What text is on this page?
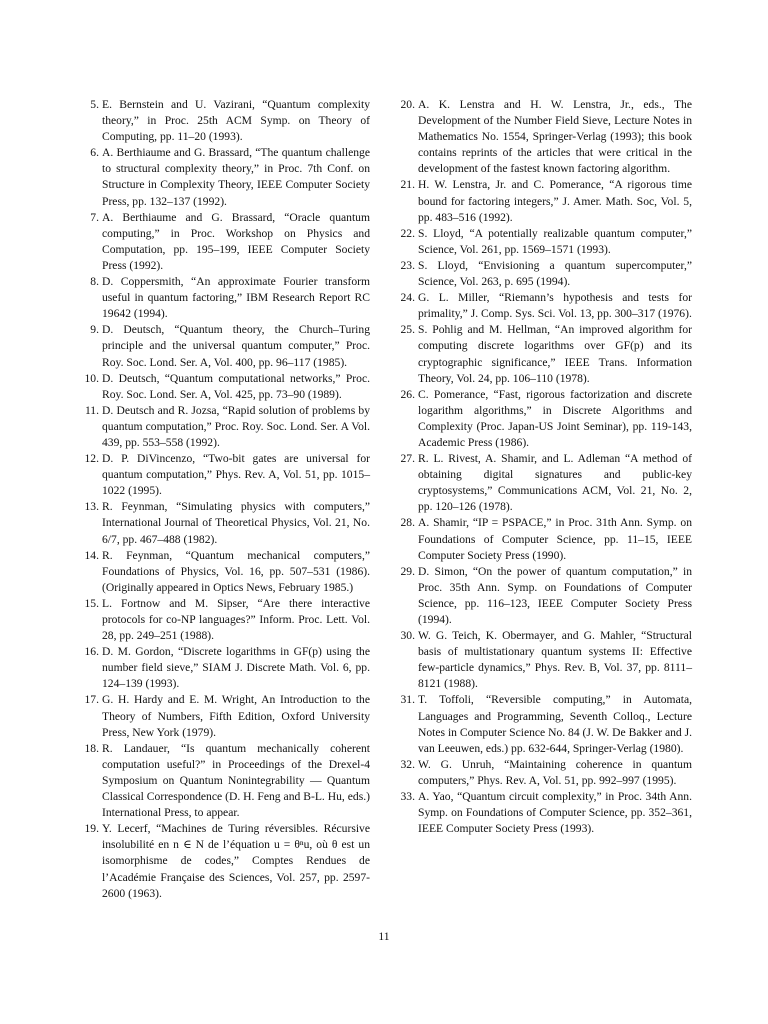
5. E. Bernstein and U. Vazirani, “Quantum complexity theory,” in Proc. 25th ACM Symp. on Theory of Computing, pp. 11–20 (1993).
6. A. Berthiaume and G. Brassard, “The quantum challenge to structural complexity theory,” in Proc. 7th Conf. on Structure in Complexity Theory, IEEE Computer Society Press, pp. 132–137 (1992).
7. A. Berthiaume and G. Brassard, “Oracle quantum computing,” in Proc. Workshop on Physics and Computation, pp. 195–199, IEEE Computer Society Press (1992).
8. D. Coppersmith, “An approximate Fourier transform useful in quantum factoring,” IBM Research Report RC 19642 (1994).
9. D. Deutsch, “Quantum theory, the Church–Turing principle and the universal quantum computer,” Proc. Roy. Soc. Lond. Ser. A, Vol. 400, pp. 96–117 (1985).
10. D. Deutsch, “Quantum computational networks,” Proc. Roy. Soc. Lond. Ser. A, Vol. 425, pp. 73–90 (1989).
11. D. Deutsch and R. Jozsa, “Rapid solution of problems by quantum computation,” Proc. Roy. Soc. Lond. Ser. A Vol. 439, pp. 553–558 (1992).
12. D. P. DiVincenzo, “Two-bit gates are universal for quantum computation,” Phys. Rev. A, Vol. 51, pp. 1015–1022 (1995).
13. R. Feynman, “Simulating physics with computers,” International Journal of Theoretical Physics, Vol. 21, No. 6/7, pp. 467–488 (1982).
14. R. Feynman, “Quantum mechanical computers,” Foundations of Physics, Vol. 16, pp. 507–531 (1986). (Originally appeared in Optics News, February 1985.)
15. L. Fortnow and M. Sipser, “Are there interactive protocols for co-NP languages?” Inform. Proc. Lett. Vol. 28, pp. 249–251 (1988).
16. D. M. Gordon, “Discrete logarithms in GF(p) using the number field sieve,” SIAM J. Discrete Math. Vol. 6, pp. 124–139 (1993).
17. G. H. Hardy and E. M. Wright, An Introduction to the Theory of Numbers, Fifth Edition, Oxford University Press, New York (1979).
18. R. Landauer, “Is quantum mechanically coherent computation useful?” in Proceedings of the Drexel-4 Symposium on Quantum Nonintegrability — Quantum Classical Correspondence (D. H. Feng and B-L. Hu, eds.) International Press, to appear.
19. Y. Lecerf, “Machines de Turing réversibles. Récursive insolubilité en n ∈ N de l’équation u = θⁿu, où θ est un isomorphisme de codes,” Comptes Rendues de l’Académie Française des Sciences, Vol. 257, pp. 2597-2600 (1963).
20. A. K. Lenstra and H. W. Lenstra, Jr., eds., The Development of the Number Field Sieve, Lecture Notes in Mathematics No. 1554, Springer-Verlag (1993); this book contains reprints of the articles that were critical in the development of the fastest known factoring algorithm.
21. H. W. Lenstra, Jr. and C. Pomerance, “A rigorous time bound for factoring integers,” J. Amer. Math. Soc, Vol. 5, pp. 483–516 (1992).
22. S. Lloyd, “A potentially realizable quantum computer,” Science, Vol. 261, pp. 1569–1571 (1993).
23. S. Lloyd, “Envisioning a quantum supercomputer,” Science, Vol. 263, p. 695 (1994).
24. G. L. Miller, “Riemann’s hypothesis and tests for primality,” J. Comp. Sys. Sci. Vol. 13, pp. 300–317 (1976).
25. S. Pohlig and M. Hellman, “An improved algorithm for computing discrete logarithms over GF(p) and its cryptographic significance,” IEEE Trans. Information Theory, Vol. 24, pp. 106–110 (1978).
26. C. Pomerance, “Fast, rigorous factorization and discrete logarithm algorithms,” in Discrete Algorithms and Complexity (Proc. Japan-US Joint Seminar), pp. 119-143, Academic Press (1986).
27. R. L. Rivest, A. Shamir, and L. Adleman “A method of obtaining digital signatures and public-key cryptosystems,” Communications ACM, Vol. 21, No. 2, pp. 120–126 (1978).
28. A. Shamir, “IP = PSPACE,” in Proc. 31th Ann. Symp. on Foundations of Computer Science, pp. 11–15, IEEE Computer Society Press (1990).
29. D. Simon, “On the power of quantum computation,” in Proc. 35th Ann. Symp. on Foundations of Computer Science, pp. 116–123, IEEE Computer Society Press (1994).
30. W. G. Teich, K. Obermayer, and G. Mahler, “Structural basis of multistationary quantum systems II: Effective few-particle dynamics,” Phys. Rev. B, Vol. 37, pp. 8111–8121 (1988).
31. T. Toffoli, “Reversible computing,” in Automata, Languages and Programming, Seventh Colloq., Lecture Notes in Computer Science No. 84 (J. W. De Bakker and J. van Leeuwen, eds.) pp. 632-644, Springer-Verlag (1980).
32. W. G. Unruh, “Maintaining coherence in quantum computers,” Phys. Rev. A, Vol. 51, pp. 992–997 (1995).
33. A. Yao, “Quantum circuit complexity,” in Proc. 34th Ann. Symp. on Foundations of Computer Science, pp. 352–361, IEEE Computer Society Press (1993).
11
